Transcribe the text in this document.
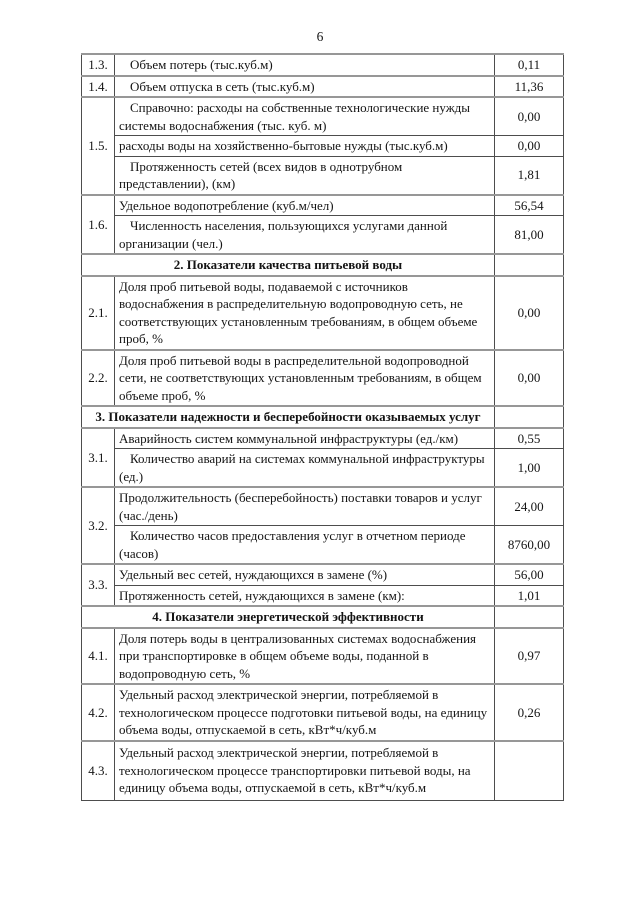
6
1.3.	Объем потерь (тыс.куб.м)	0,11
1.4.	Объем отпуска в сеть (тыс.куб.м)	11,36
1.5.	Справочно: расходы на собственные технологические нужды системы водоснабжения (тыс. куб. м)	0,00
	расходы воды на хозяйственно-бытовые нужды (тыс.куб.м)	0,00
	Протяженность сетей (всех видов в однотрубном представлении), (км)	1,81
1.6.	Удельное водопотребление (куб.м/чел)	56,54
	Численность населения, пользующихся услугами данной организации (чел.)	81,00
2. Показатели качества питьевой воды		
2.1.	Доля проб питьевой воды, подаваемой с источников водоснабжения в распределительную водопроводную сеть, не соответствующих установленным требованиям, в общем объеме проб, %	0,00
2.2.	Доля проб питьевой воды в распределительной водопроводной сети, не соответствующих установленным требованиям, в общем объеме проб, %	0,00
3. Показатели надежности и бесперебойности оказываемых услуг		
3.1.	Аварийность систем коммунальной инфраструктуры (ед./км)	0,55
	Количество аварий на системах коммунальной инфраструктуры (ед.)	1,00
3.2.	Продолжительность (бесперебойность) поставки товаров и услуг (час./день)	24,00
	Количество часов предоставления услуг в отчетном периоде (часов)	8760,00
3.3.	Удельный вес сетей, нуждающихся в замене (%)	56,00
	Протяженность сетей, нуждающихся в замене (км):	1,01
4. Показатели энергетической эффективности		
4.1.	Доля потерь воды в централизованных системах водоснабжения при транспортировке в общем объеме воды, поданной в водопроводную сеть, %	0,97
4.2.	Удельный расход электрической энергии, потребляемой в технологическом процессе подготовки питьевой воды, на единицу объема воды, отпускаемой в сеть, кВт*ч/куб.м	0,26
4.3.	Удельный расход электрической энергии, потребляемой в технологическом процессе транспортировки питьевой воды, на единицу объема воды, отпускаемой в сеть, кВт*ч/куб.м	
